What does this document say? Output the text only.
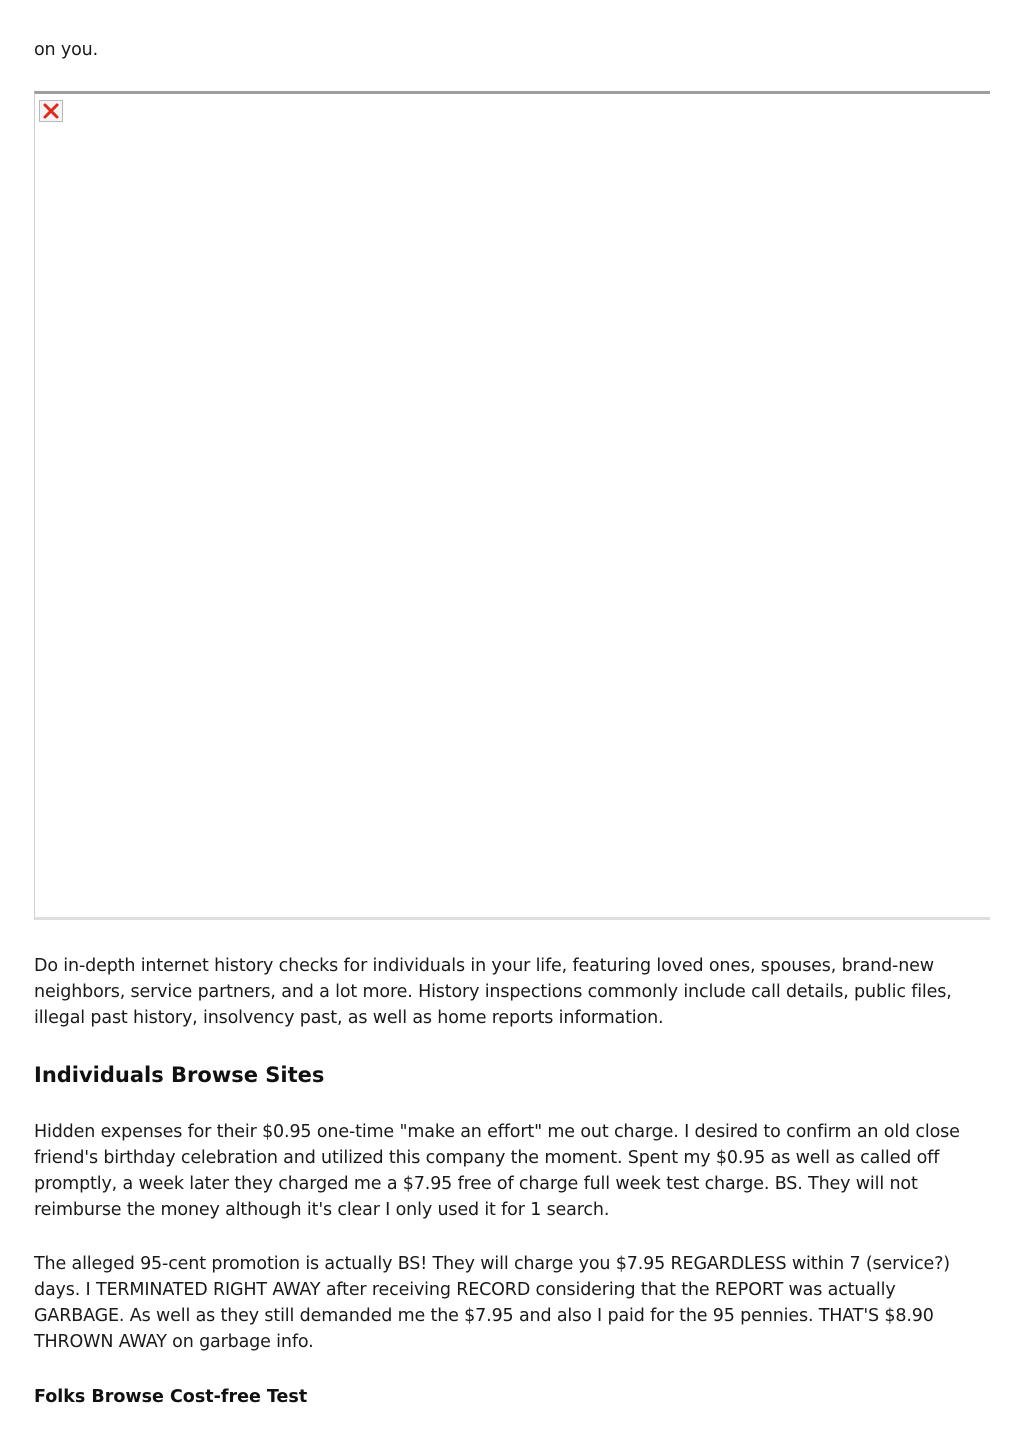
on you.

Do in-depth internet history checks for individuals in your life, featuring loved ones, spouses, brand-new neighbors, service partners, and a lot more. History inspections commonly include call details, public files, illegal past history, insolvency past, as well as home reports information.

Individuals Browse Sites

Hidden expenses for their $0.95 one-time "make an effort" me out charge. I desired to confirm an old close friend's birthday celebration and utilized this company the moment. Spent my $0.95 as well as called off promptly, a week later they charged me a $7.95 free of charge full week test charge. BS. They will not reimburse the money although it's clear I only used it for 1 search.

The alleged 95-cent promotion is actually BS! They will charge you $7.95 REGARDLESS within 7 (service?) days. I TERMINATED RIGHT AWAY after receiving RECORD considering that the REPORT was actually GARBAGE. As well as they still demanded me the $7.95 and also I paid for the 95 pennies. THAT'S $8.90 THROWN AWAY on garbage info.

Folks Browse Cost-free Test
